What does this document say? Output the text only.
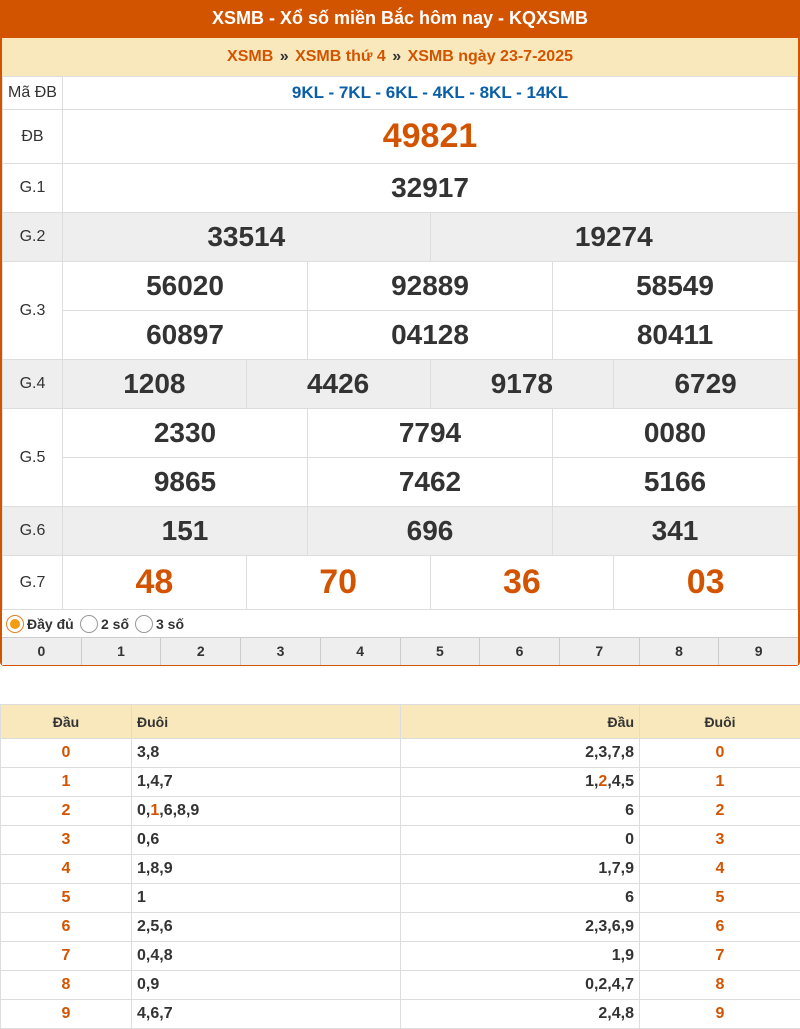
XSMB - Xổ số miền Bắc hôm nay - KQXSMB
XSMB » XSMB thứ 4 » XSMB ngày 23-7-2025
Mã ĐB	9KL - 7KL - 6KL - 4KL - 8KL - 14KL					
ĐB	49821					
G.1	32917					
G.2	33514			19274		
G.3	56020		92889		58549	
	60897		04128		80411	
G.4	1208	4426		9178		6729
G.5	2330		7794		0080	
	9865		7462		5166	
G.6	151		696		341	
G.7	48	70		36		03
Đầy đủ	2 số	3 số
0	1	2	3	4	5	6	7	8	9
Đầu	Đuôi	Đầu	Đuôi
0	3,8	2,3,7,8	0
1	1,4,7	1,2,4,5	1
2	0,1,6,8,9	6	2
3	0,6	0	3
4	1,8,9	1,7,9	4
5	1	6	5
6	2,5,6	2,3,6,9	6
7	0,4,8	1,9	7
8	0,9	0,2,4,7	8
9	4,6,7	2,4,8	9
